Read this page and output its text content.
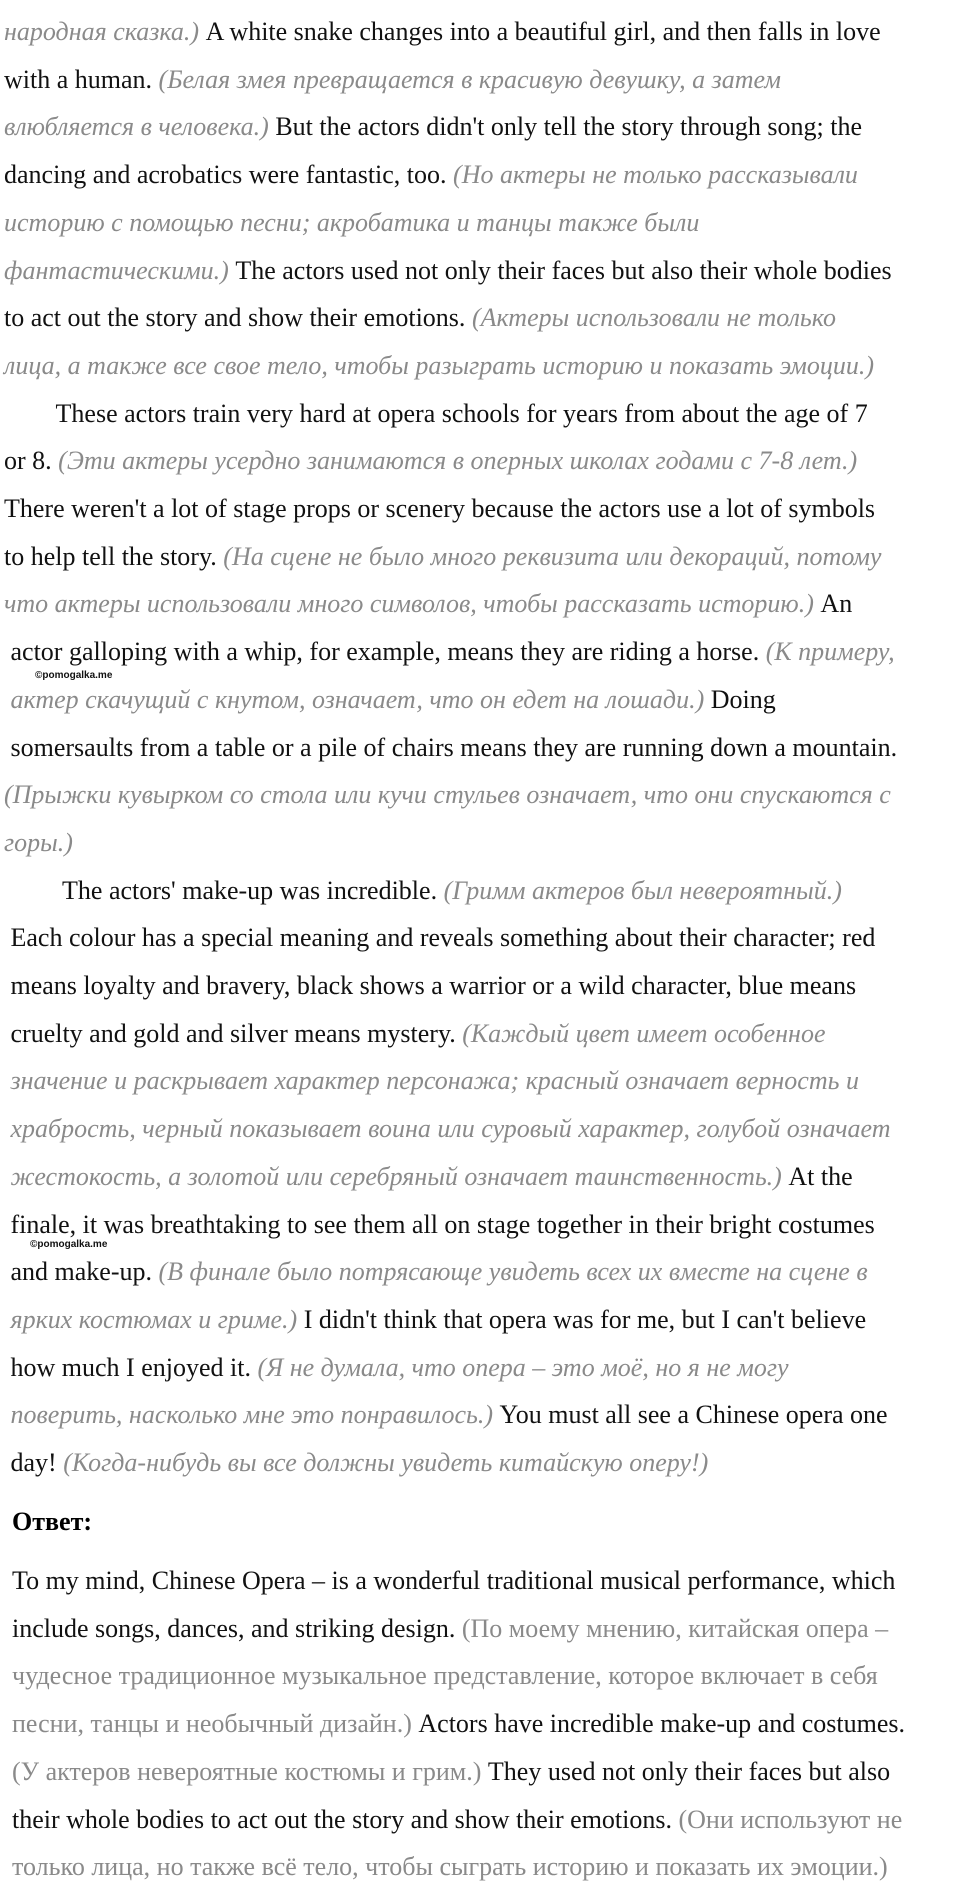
народная сказка.) A white snake changes into a beautiful girl, and then falls in love
with a human. (Белая змея превращается в красивую девушку, а затем
влюбляется в человека.) But the actors didn't only tell the story through song; the
dancing and acrobatics were fantastic, too. (Но актеры не только рассказывали
историю с помощью песни; акробатика и танцы также были
фантастическими.) The actors used not only their faces but also their whole bodies
to act out the story and show their emotions. (Актеры использовали не только
лица, а также все свое тело, чтобы разыграть историю и показать эмоции.)
These actors train very hard at opera schools for years from about the age of 7
or 8. (Эти актеры усердно занимаются в оперных школах годами с 7-8 лет.)
There weren't a lot of stage props or scenery because the actors use a lot of symbols
to help tell the story. (На сцене не было много реквизита или декораций, потому
что актеры использовали много символов, чтобы рассказать историю.) An
actor galloping with a whip, for example, means they are riding a horse. (К примеру,
актер скачущий с кнутом, означает, что он едет на лошади.) Doing
somersaults from a table or a pile of chairs means they are running down a mountain.
(Прыжки кувырком со стола или кучи стульев означает, что они спускаются с
горы.)
The actors' make-up was incredible. (Гримм актеров был невероятный.)
Each colour has a special meaning and reveals something about their character; red
means loyalty and bravery, black shows a warrior or a wild character, blue means
cruelty and gold and silver means mystery. (Каждый цвет имеет особенное
значение и раскрывает характер персонажа; красный означает верность и
храбрость, черный показывает воина или суровый характер, голубой означает
жестокость, а золотой или серебряный означает таинственность.) At the
finale, it was breathtaking to see them all on stage together in their bright costumes
and make-up. (В финале было потрясающе увидеть всех их вместе на сцене в
ярких костюмах и гриме.) I didn't think that opera was for me, but I can't believe
how much I enjoyed it. (Я не думала, что опера – это моё, но я не могу
поверить, насколько мне это понравилось.) You must all see a Chinese opera one
day! (Когда-нибудь вы все должны увидеть китайскую оперу!)
Ответ:
To my mind, Chinese Opera – is a wonderful traditional musical performance, which
include songs, dances, and striking design. (По моему мнению, китайская опера –
чудесное традиционное музыкальное представление, которое включает в себя
песни, танцы и необычный дизайн.) Actors have incredible make-up and costumes.
(У актеров невероятные костюмы и грим.) They used not only their faces but also
their whole bodies to act out the story and show their emotions. (Они используют не
только лица, но также всё тело, чтобы сыграть историю и показать их эмоции.)
©pomogalka.me
©pomogalka.me
